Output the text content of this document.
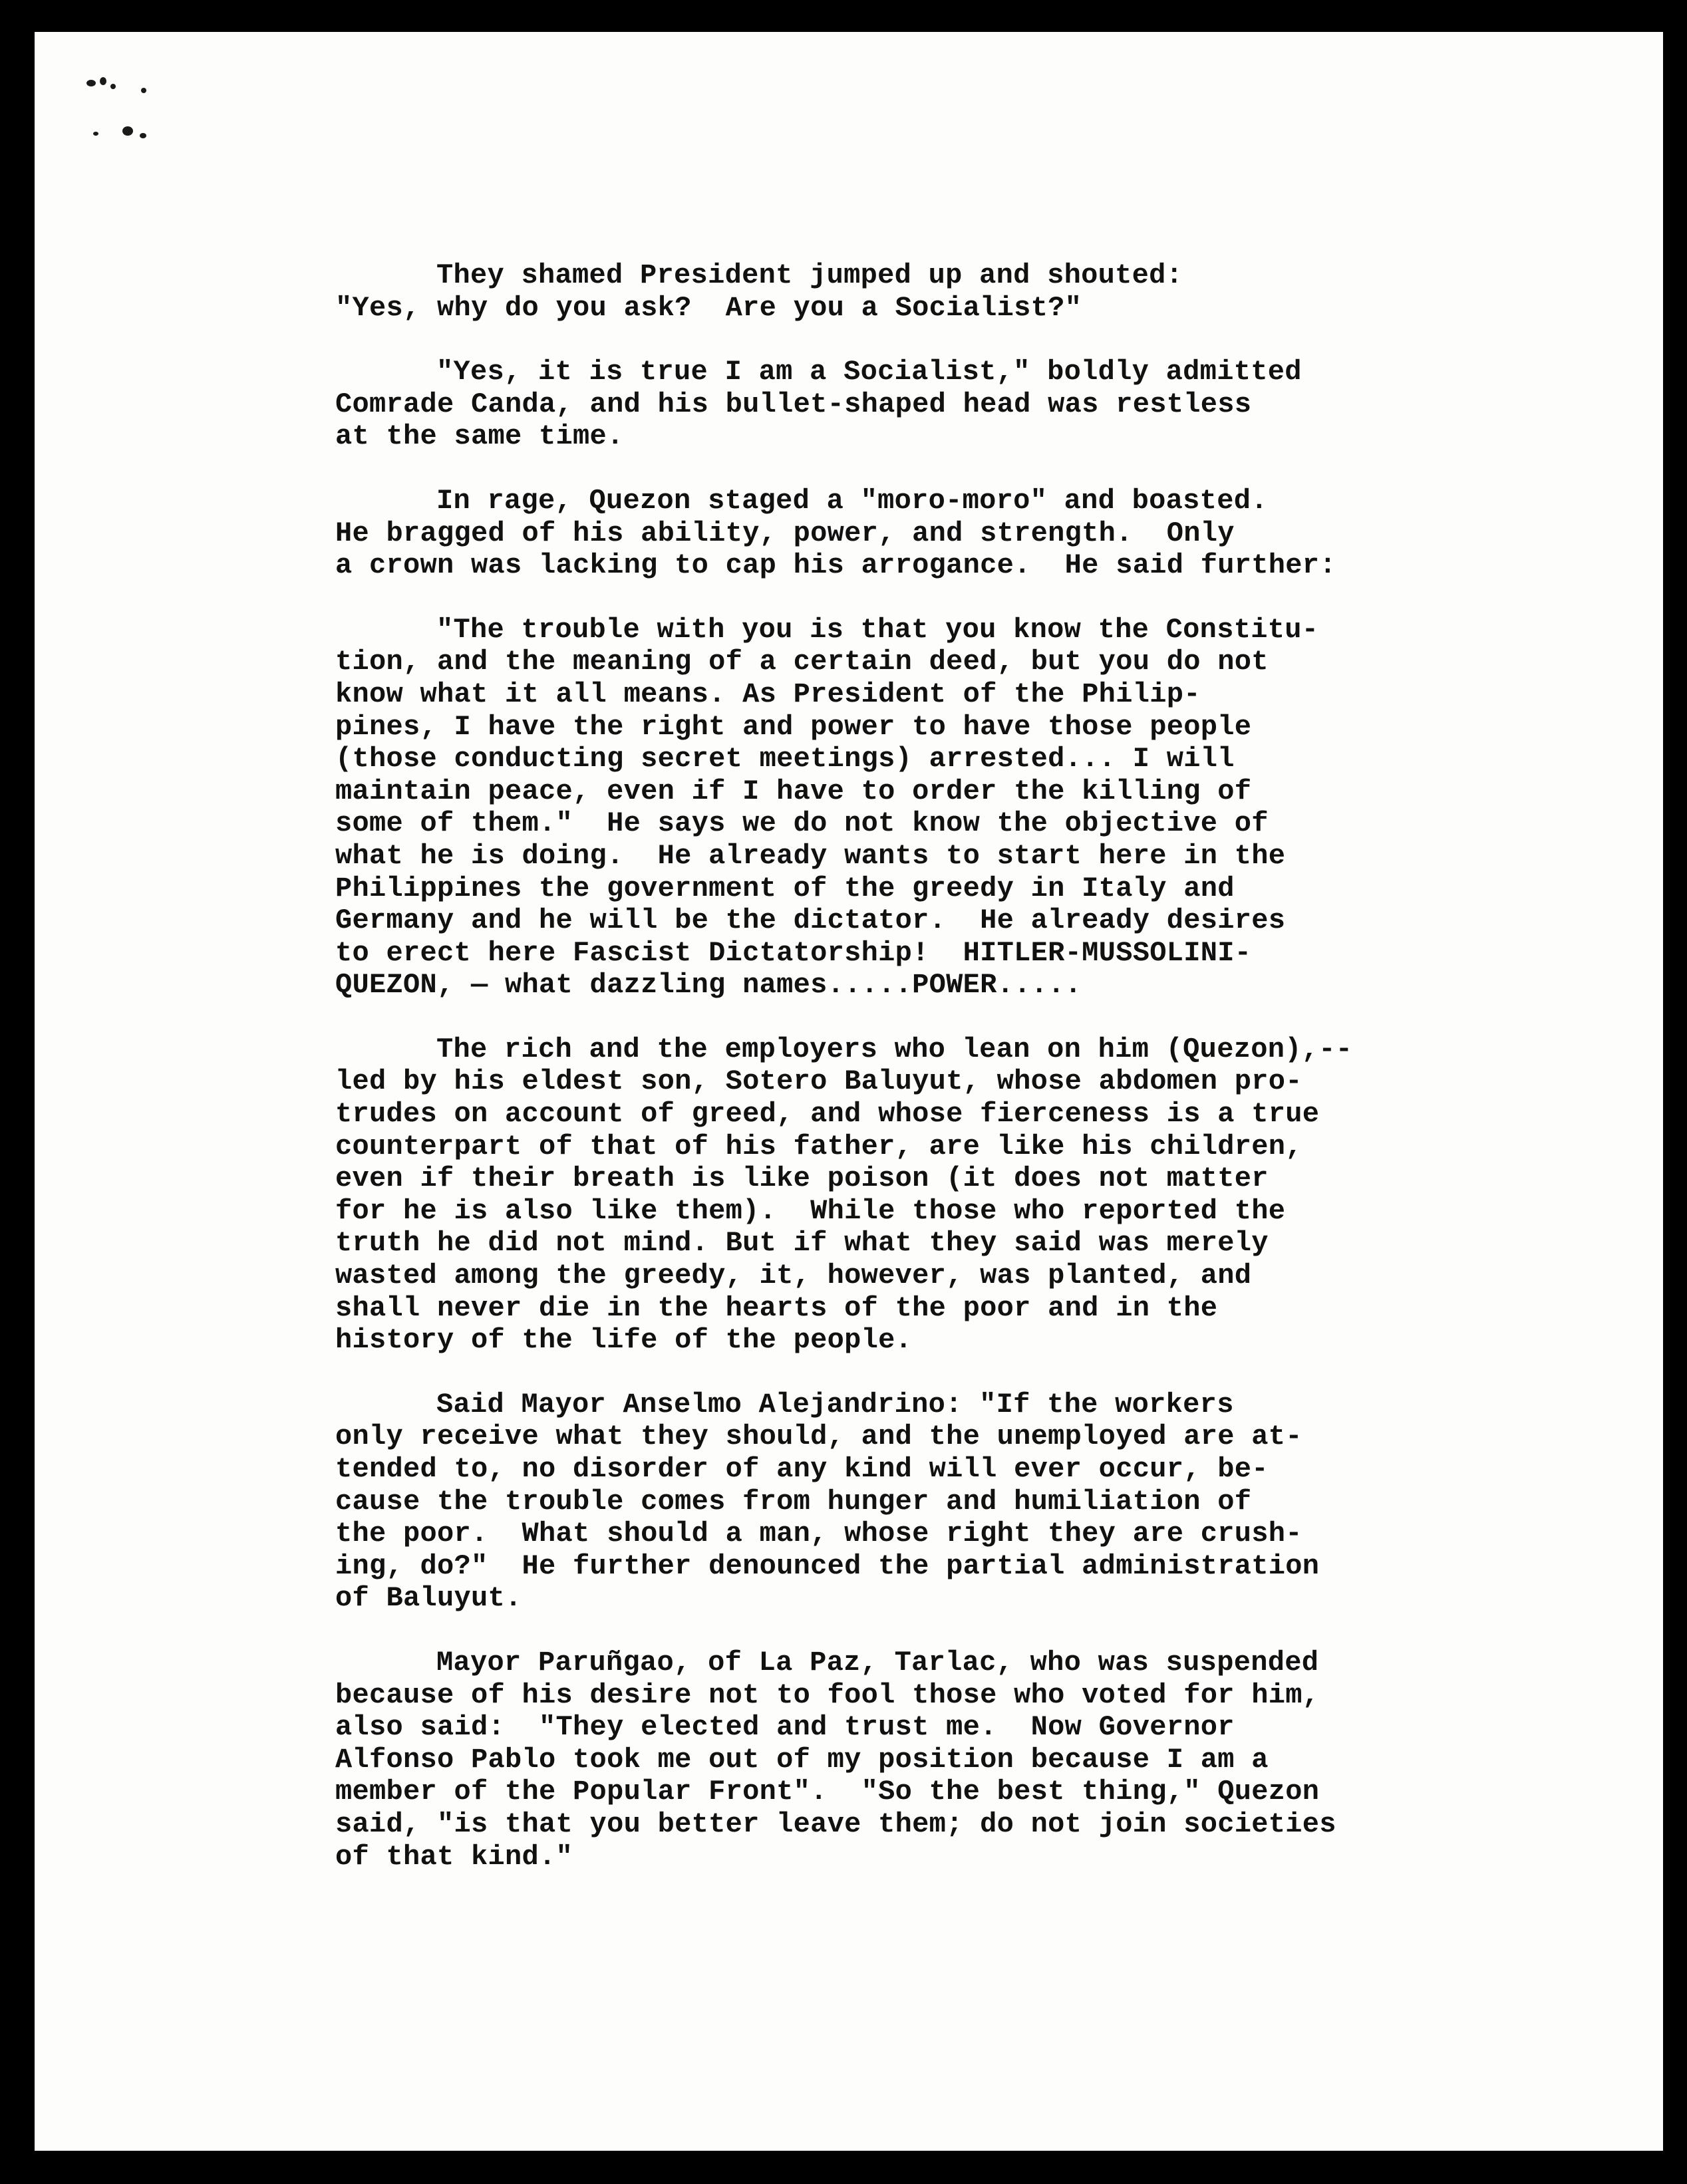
They shamed President jumped up and shouted:
"Yes, why do you ask?  Are you a Socialist?"
"Yes, it is true I am a Socialist," boldly admitted
Comrade Canda, and his bullet-shaped head was restless
at the same time.
In rage, Quezon staged a "moro-moro" and boasted.
He bragged of his ability, power, and strength.  Only
a crown was lacking to cap his arrogance.  He said further:
"The trouble with you is that you know the Constitu-
tion, and the meaning of a certain deed, but you do not
know what it all means. As President of the Philip-
pines, I have the right and power to have those people
(those conducting secret meetings) arrested... I will
maintain peace, even if I have to order the killing of
some of them."  He says we do not know the objective of
what he is doing.  He already wants to start here in the
Philippines the government of the greedy in Italy and
Germany and he will be the dictator.  He already desires
to erect here Fascist Dictatorship!  HITLER-MUSSOLINI-
QUEZON, — what dazzling names.....POWER.....
The rich and the employers who lean on him (Quezon),--
led by his eldest son, Sotero Baluyut, whose abdomen pro-
trudes on account of greed, and whose fierceness is a true
counterpart of that of his father, are like his children,
even if their breath is like poison (it does not matter
for he is also like them).  While those who reported the
truth he did not mind. But if what they said was merely
wasted among the greedy, it, however, was planted, and
shall never die in the hearts of the poor and in the
history of the life of the people.
Said Mayor Anselmo Alejandrino: "If the workers
only receive what they should, and the unemployed are at-
tended to, no disorder of any kind will ever occur, be-
cause the trouble comes from hunger and humiliation of
the poor.  What should a man, whose right they are crush-
ing, do?"  He further denounced the partial administration
of Baluyut.
Mayor Paruñgao, of La Paz, Tarlac, who was suspended
because of his desire not to fool those who voted for him,
also said:  "They elected and trust me.  Now Governor
Alfonso Pablo took me out of my position because I am a
member of the Popular Front".  "So the best thing," Quezon
said, "is that you better leave them; do not join societies
of that kind."
